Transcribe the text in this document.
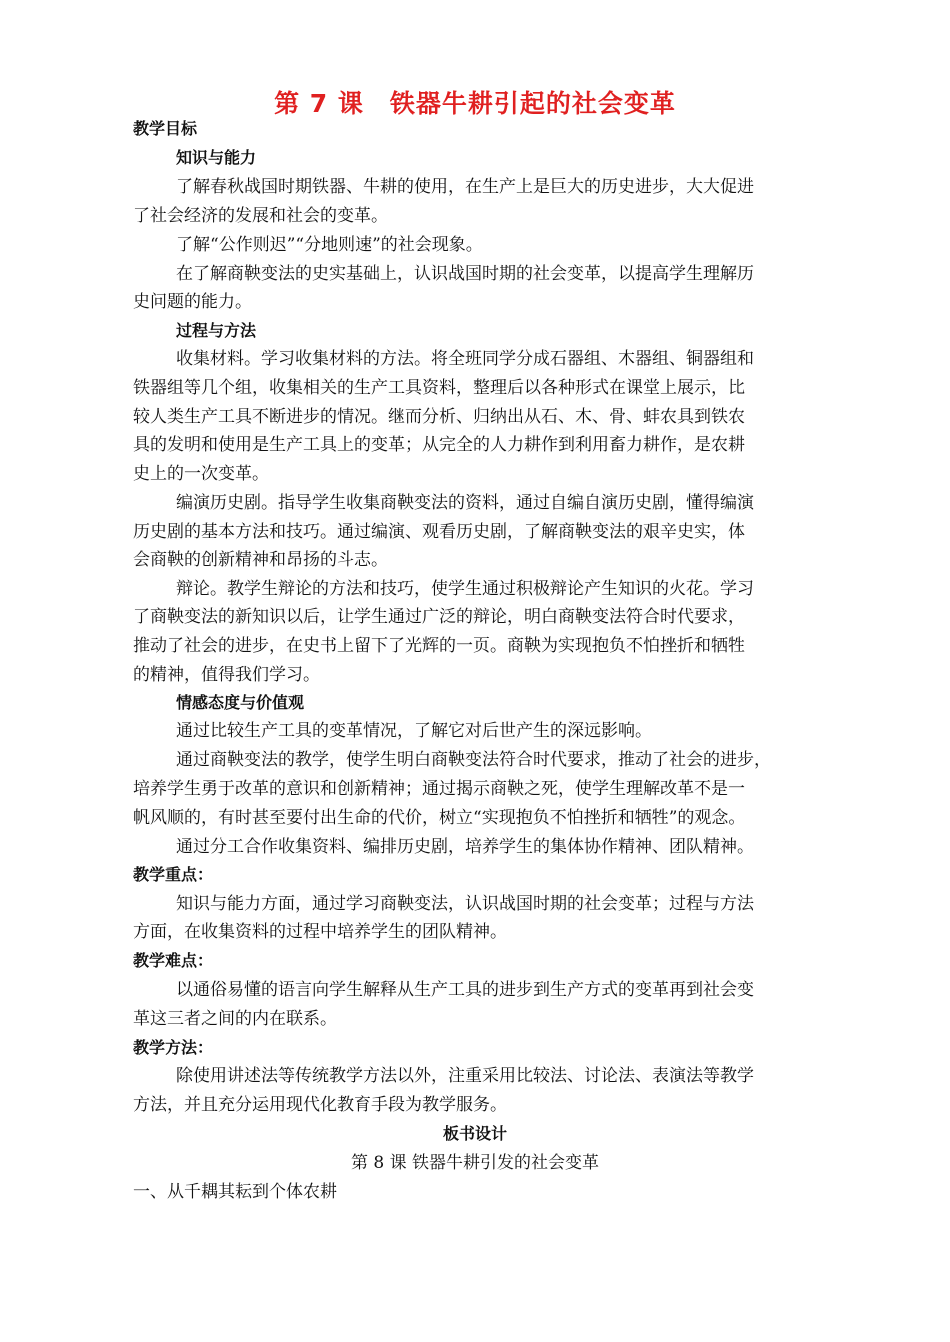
第 7 课　铁器牛耕引起的社会变革
教学目标
知识与能力
了解春秋战国时期铁器、牛耕的使用，在生产上是巨大的历史进步，大大促进
了社会经济的发展和社会的变革。
了解“公作则迟”“分地则速”的社会现象。
在了解商鞅变法的史实基础上，认识战国时期的社会变革，以提高学生理解历
史问题的能力。
过程与方法
收集材料。学习收集材料的方法。将全班同学分成石器组、木器组、铜器组和
铁器组等几个组，收集相关的生产工具资料，整理后以各种形式在课堂上展示，比
较人类生产工具不断进步的情况。继而分析、归纳出从石、木、骨、蚌农具到铁农
具的发明和使用是生产工具上的变革；从完全的人力耕作到利用畜力耕作，是农耕
史上的一次变革。
编演历史剧。指导学生收集商鞅变法的资料，通过自编自演历史剧，懂得编演
历史剧的基本方法和技巧。通过编演、观看历史剧，了解商鞅变法的艰辛史实，体
会商鞅的创新精神和昂扬的斗志。
辩论。教学生辩论的方法和技巧，使学生通过积极辩论产生知识的火花。学习
了商鞅变法的新知识以后，让学生通过广泛的辩论，明白商鞅变法符合时代要求，
推动了社会的进步，在史书上留下了光辉的一页。商鞅为实现抱负不怕挫折和牺牲
的精神，值得我们学习。
情感态度与价值观
通过比较生产工具的变革情况，了解它对后世产生的深远影响。
通过商鞅变法的教学，使学生明白商鞅变法符合时代要求，推动了社会的进步，
培养学生勇于改革的意识和创新精神；通过揭示商鞅之死，使学生理解改革不是一
帆风顺的，有时甚至要付出生命的代价，树立“实现抱负不怕挫折和牺牲”的观念。
通过分工合作收集资料、编排历史剧，培养学生的集体协作精神、团队精神。
教学重点：
知识与能力方面，通过学习商鞅变法，认识战国时期的社会变革；过程与方法
方面，在收集资料的过程中培养学生的团队精神。
教学难点：
以通俗易懂的语言向学生解释从生产工具的进步到生产方式的变革再到社会变
革这三者之间的内在联系。
教学方法：
除使用讲述法等传统教学方法以外，注重采用比较法、讨论法、表演法等教学
方法，并且充分运用现代化教育手段为教学服务。
板书设计
第 8 课 铁器牛耕引发的社会变革
一、从千耦其耘到个体农耕
